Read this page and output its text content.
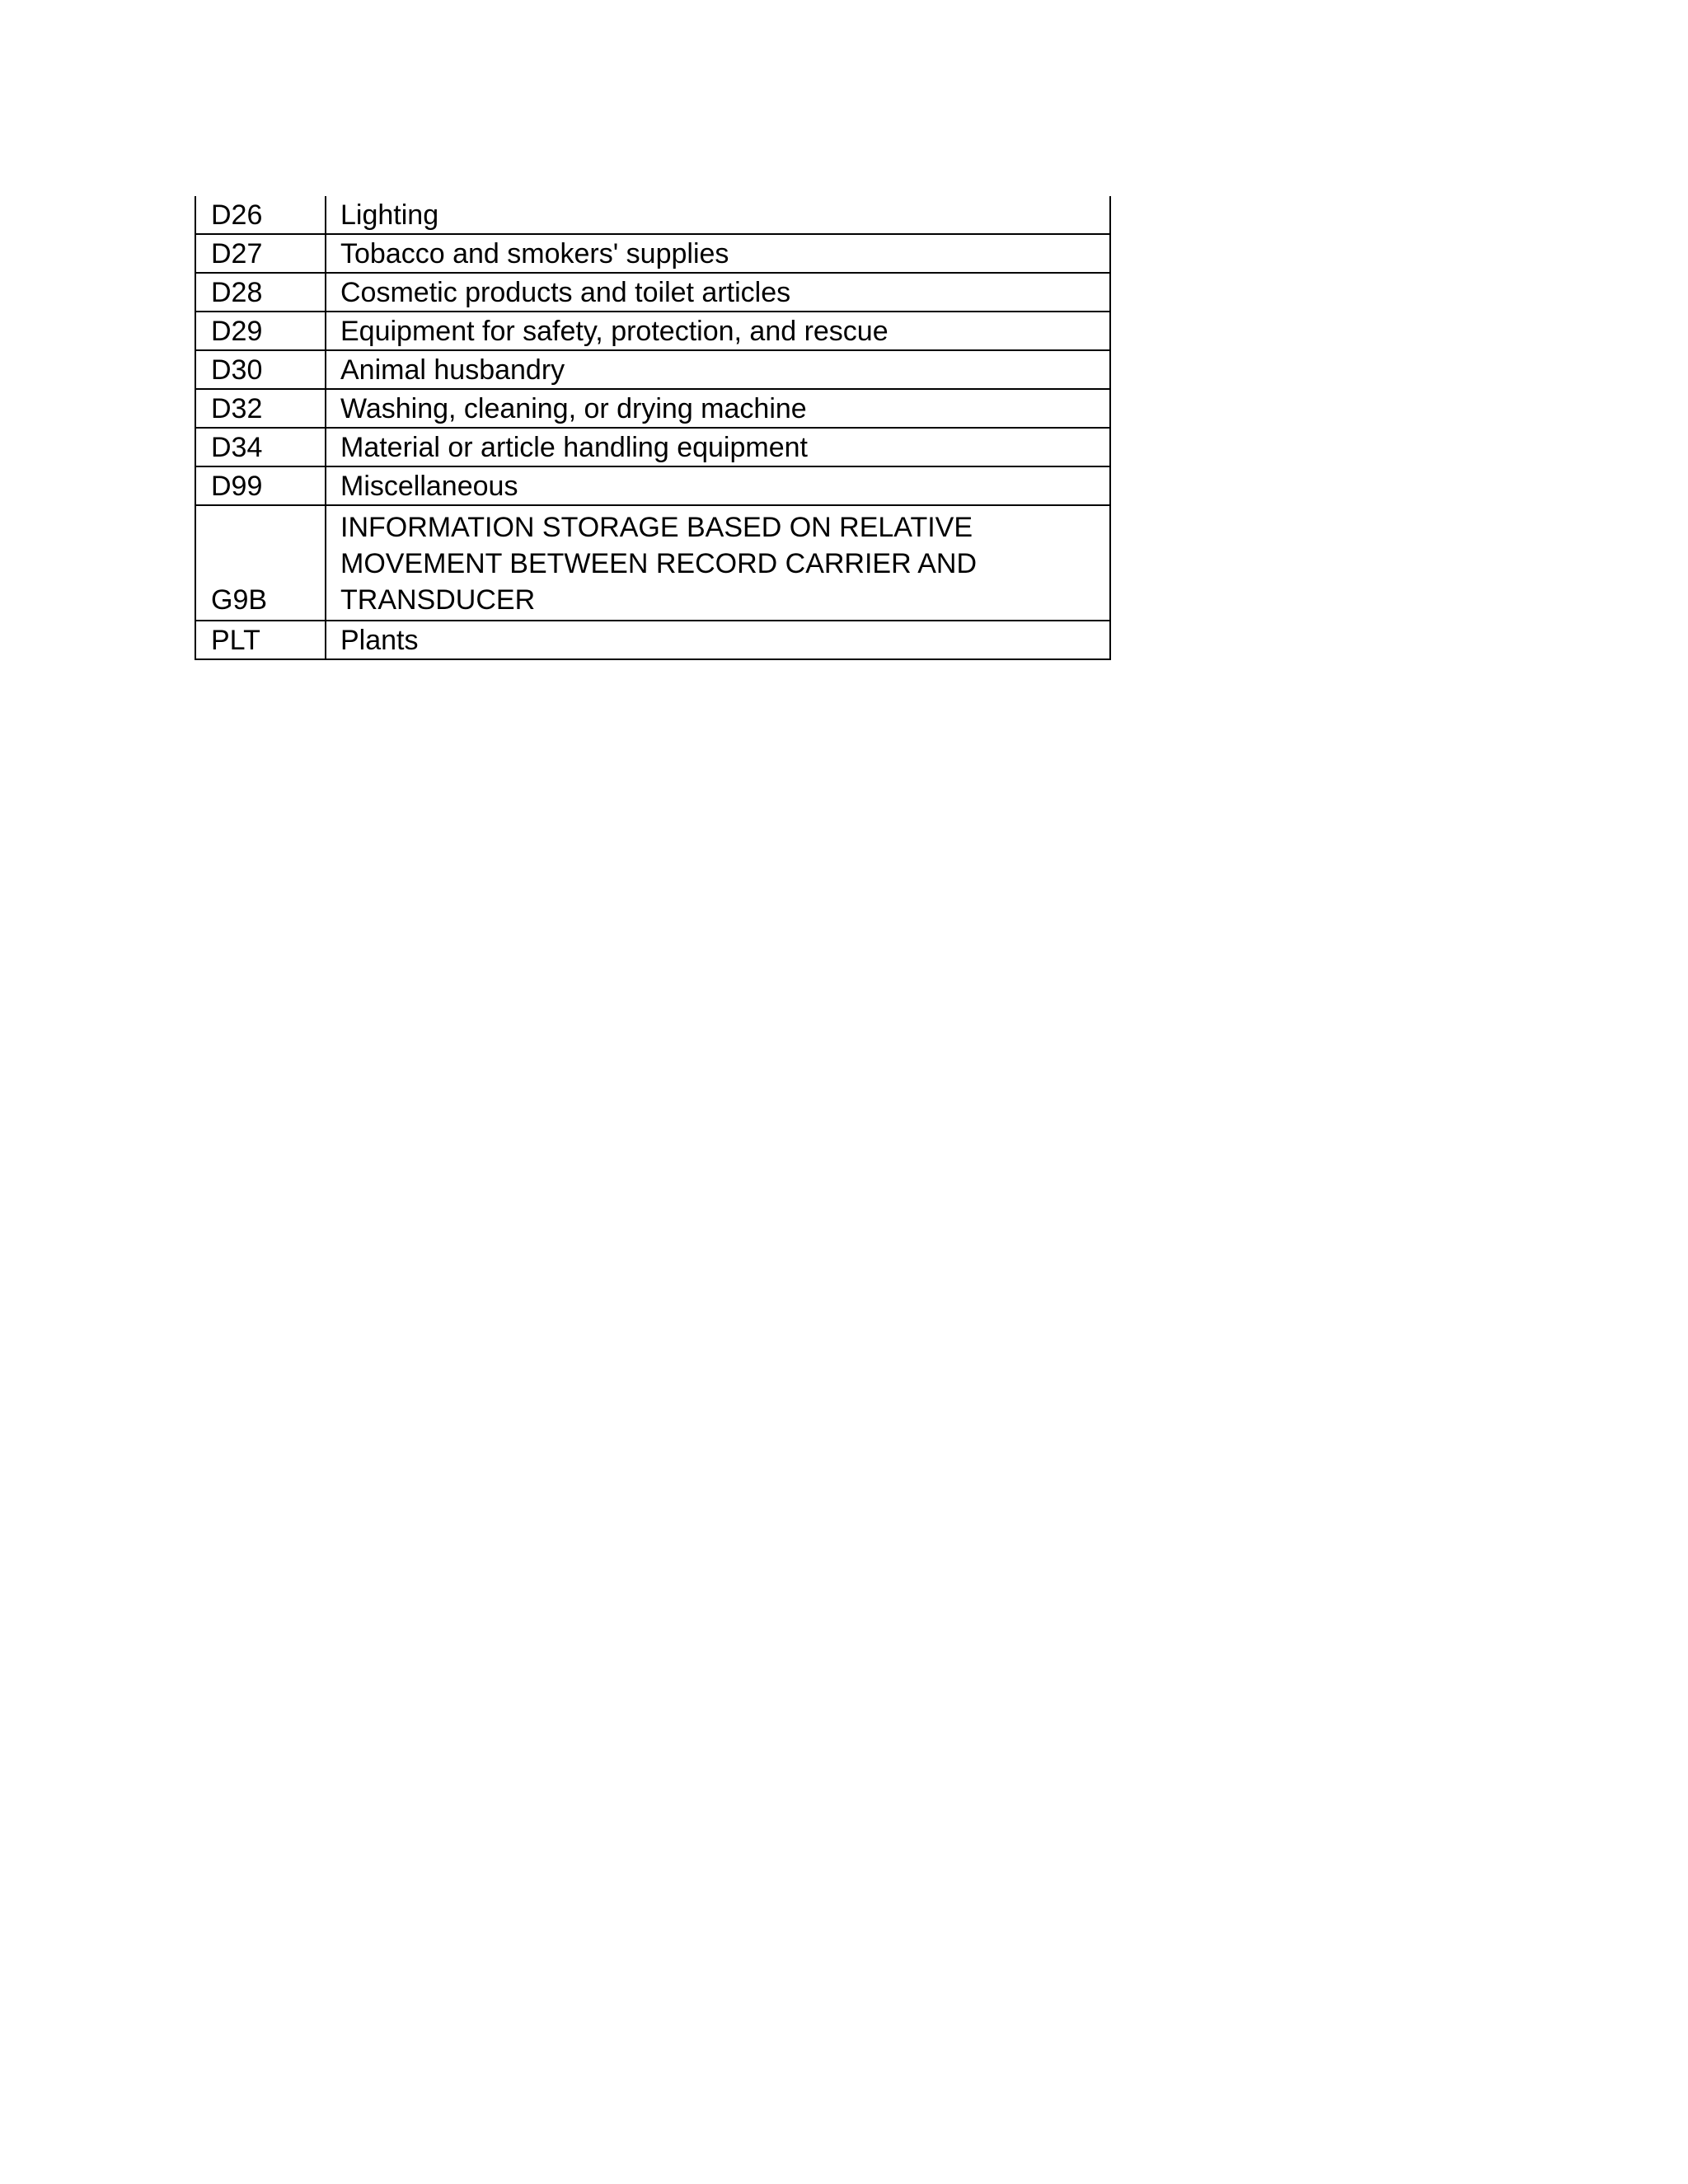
D26	Lighting
D27	Tobacco and smokers' supplies
D28	Cosmetic products and toilet articles
D29	Equipment for safety, protection, and rescue
D30	Animal husbandry
D32	Washing, cleaning, or drying machine
D34	Material or article handling equipment
D99	Miscellaneous
G9B	INFORMATION STORAGE BASED ON RELATIVE MOVEMENT BETWEEN RECORD CARRIER AND TRANSDUCER
PLT	Plants
